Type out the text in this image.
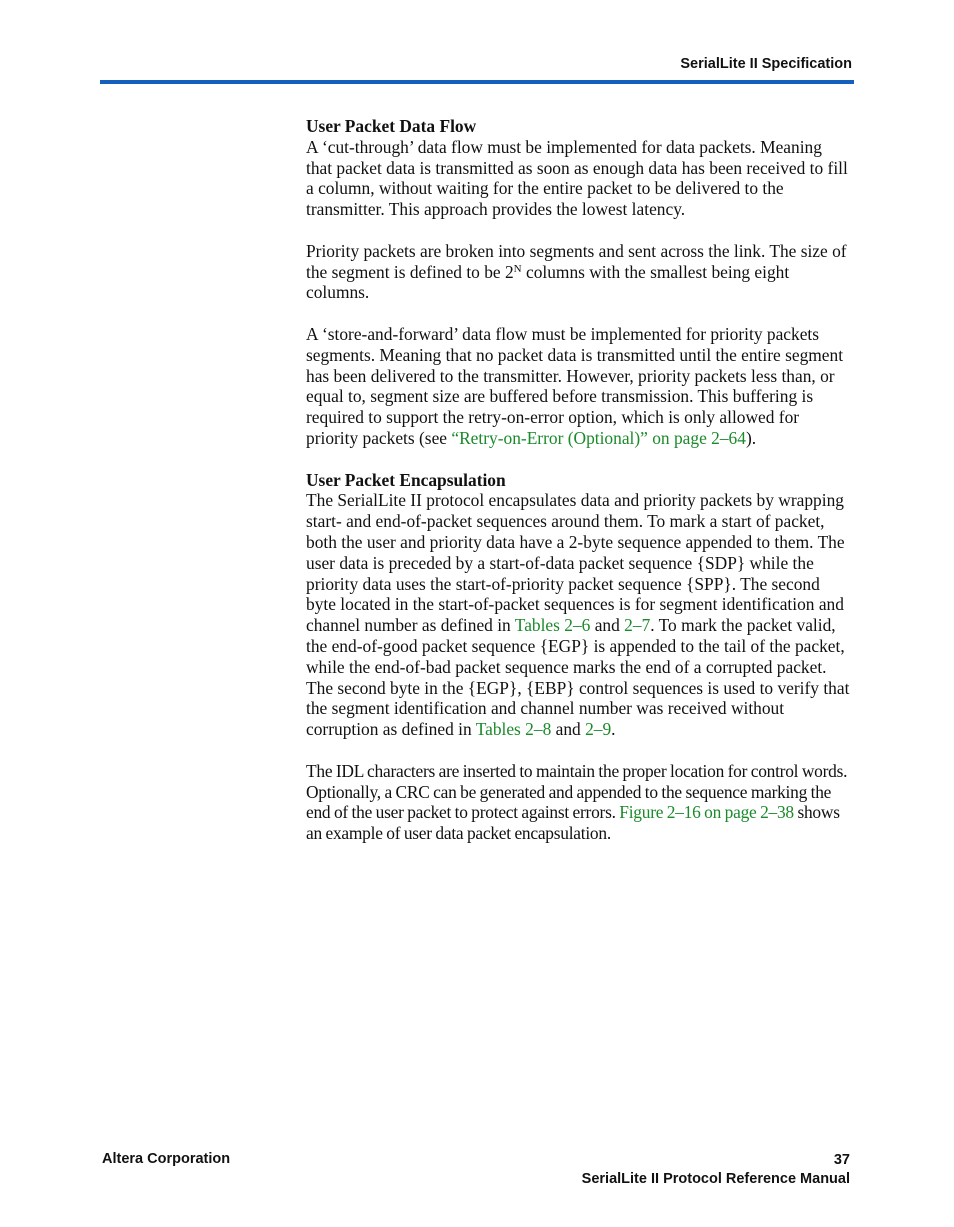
SerialLite II Specification

User Packet Data Flow
A ‘cut-through’ data flow must be implemented for data packets. Meaning that packet data is transmitted as soon as enough data has been received to fill a column, without waiting for the entire packet to be delivered to the transmitter. This approach provides the lowest latency.

Priority packets are broken into segments and sent across the link. The size of the segment is defined to be $2^N$ columns with the smallest being eight columns.

A ‘store-and-forward’ data flow must be implemented for priority packets segments. Meaning that no packet data is transmitted until the entire segment has been delivered to the transmitter. However, priority packets less than, or equal to, segment size are buffered before transmission. This buffering is required to support the retry-on-error option, which is only allowed for priority packets (see “Retry-on-Error (Optional)” on page 2–64).

User Packet Encapsulation
The SerialLite II protocol encapsulates data and priority packets by wrapping start- and end-of-packet sequences around them. To mark a start of packet, both the user and priority data have a 2-byte sequence appended to them. The user data is preceded by a start-of-data packet sequence {SDP} while the priority data uses the start-of-priority packet sequence {SPP}. The second byte located in the start-of-packet sequences is for segment identification and channel number as defined in Tables 2–6 and 2–7. To mark the packet valid, the end-of-good packet sequence {EGP} is appended to the tail of the packet, while the end-of-bad packet sequence marks the end of a corrupted packet. The second byte in the {EGP}, {EBP} control sequences is used to verify that the segment identification and channel number was received without corruption as defined in Tables 2–8 and 2–9.

The IDL characters are inserted to maintain the proper location for control words. Optionally, a CRC can be generated and appended to the sequence marking the end of the user packet to protect against errors. Figure 2–16 on page 2–38 shows an example of user data packet encapsulation.

Altera Corporation	37
SerialLite II Protocol Reference Manual
